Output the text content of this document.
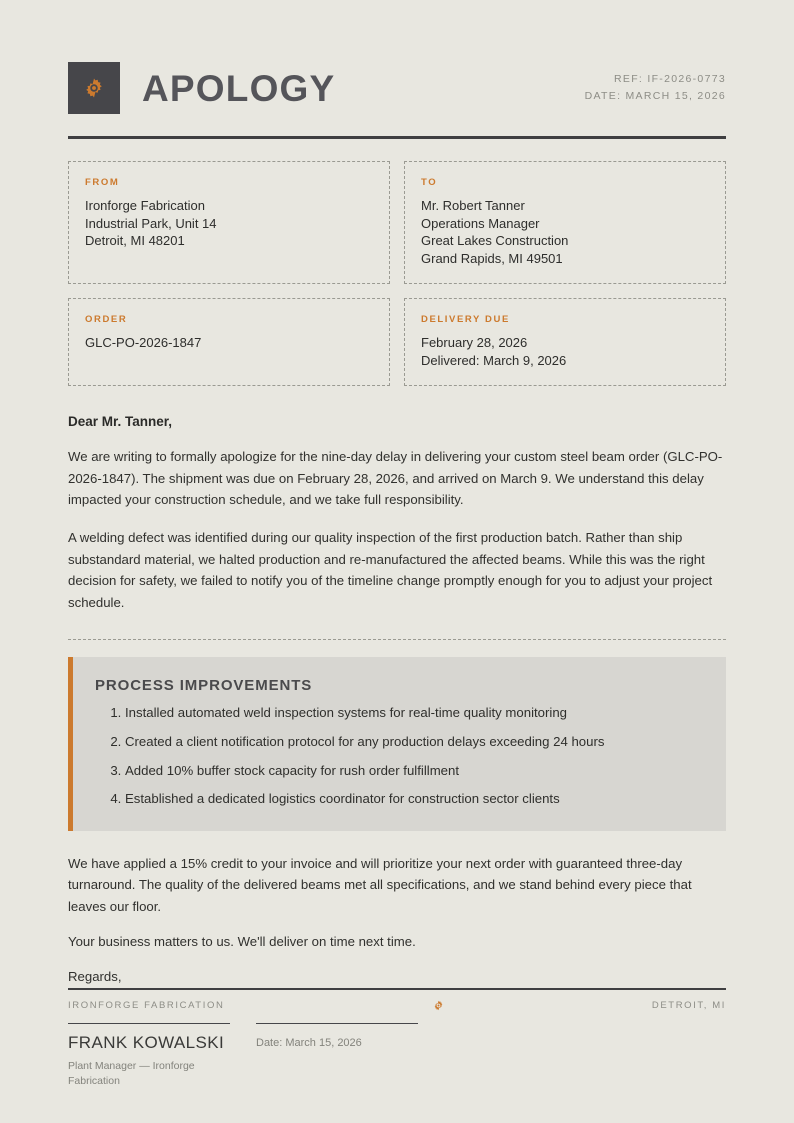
APOLOGY	REF: IF-2026-0773
DATE: MARCH 15, 2026
FROM
Ironforge Fabrication
Industrial Park, Unit 14
Detroit, MI 48201
TO
Mr. Robert Tanner
Operations Manager
Great Lakes Construction
Grand Rapids, MI 49501
ORDER
GLC-PO-2026-1847
DELIVERY DUE
February 28, 2026
Delivered: March 9, 2026
Dear Mr. Tanner,

We are writing to formally apologize for the nine-day delay in delivering your custom steel beam order (GLC-PO-2026-1847). The shipment was due on February 28, 2026, and arrived on March 9. We understand this delay impacted your construction schedule, and we take full responsibility.

A welding defect was identified during our quality inspection of the first production batch. Rather than ship substandard material, we halted production and re-manufactured the affected beams. While this was the right decision for safety, we failed to notify you of the timeline change promptly enough for you to adjust your project schedule.

PROCESS IMPROVEMENTS
1. Installed automated weld inspection systems for real-time quality monitoring
2. Created a client notification protocol for any production delays exceeding 24 hours
3. Added 10% buffer stock capacity for rush order fulfillment
4. Established a dedicated logistics coordinator for construction sector clients

We have applied a 15% credit to your invoice and will prioritize your next order with guaranteed three-day turnaround. The quality of the delivered beams met all specifications, and we stand behind every piece that leaves our floor.

Your business matters to us. We'll deliver on time next time.

Regards,

FRANK KOWALSKI
Plant Manager — Ironforge Fabrication
Date: March 15, 2026
IRONFORGE FABRICATION	DETROIT, MI
